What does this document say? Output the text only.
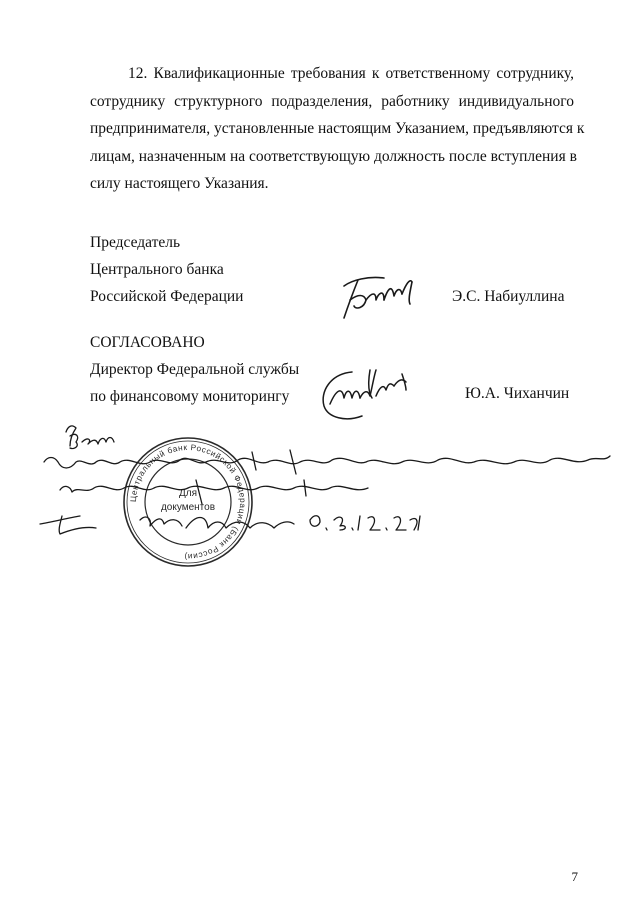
12. Квалификационные требования к ответственному сотруднику,
сотруднику структурного подразделения, работнику индивидуального
предпринимателя, установленные настоящим Указанием, предъявляются к
лицам, назначенным на соответствующую должность после вступления в
силу настоящего Указания.
Председатель
Центрального банка
Российской Федерации	Э.С. Набиуллина
СОГЛАСОВАНО
Директор Федеральной службы
по финансовому мониторингу	Ю.А. Чиханчин
Центральный банк Российской Федерации (Банк России)
Для
документов
7
